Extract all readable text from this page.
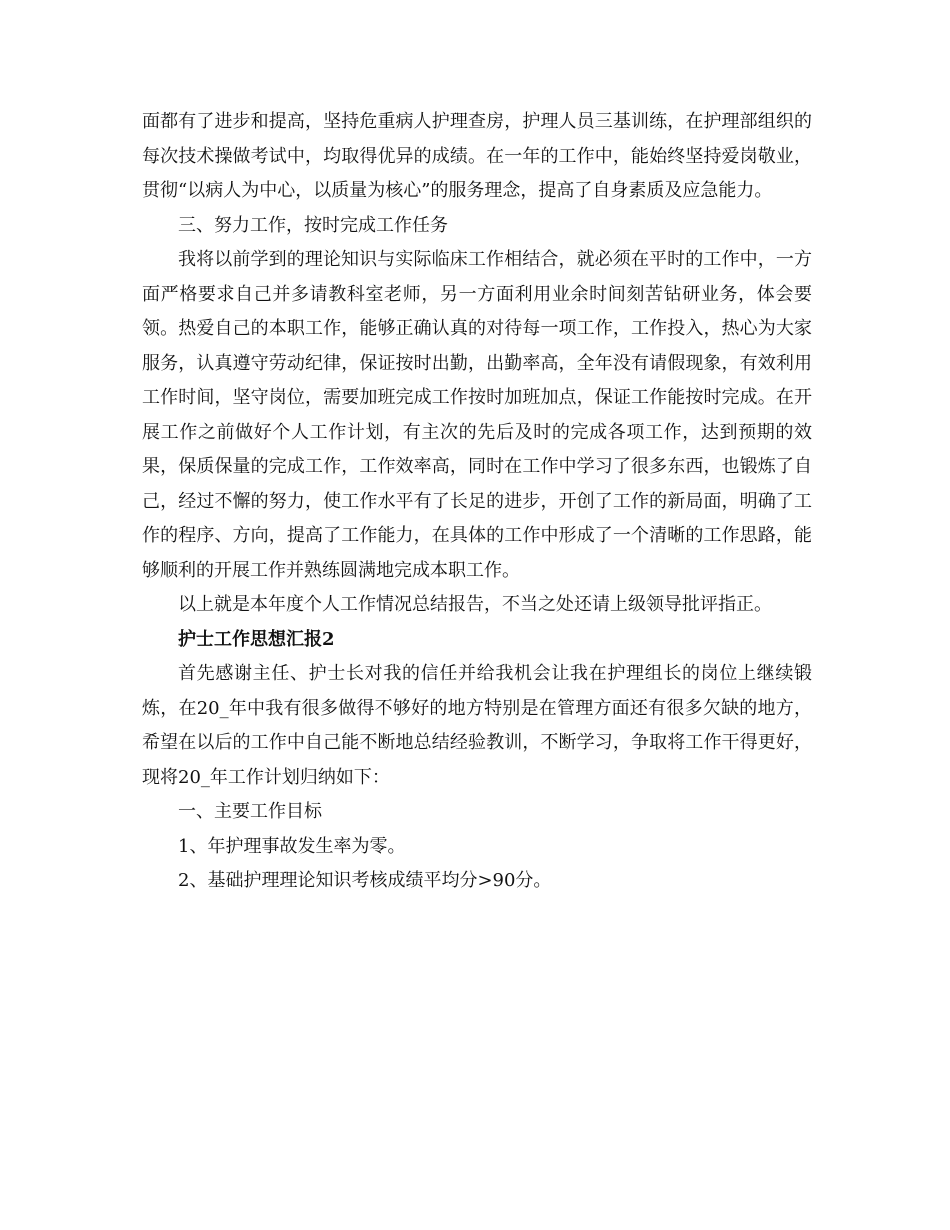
面都有了进步和提高，坚持危重病人护理查房，护理人员三基训练，在护理部组织的每次技术操做考试中，均取得优异的成绩。在一年的工作中，能始终坚持爱岗敬业，贯彻“以病人为中心，以质量为核心”的服务理念，提高了自身素质及应急能力。

三、努力工作，按时完成工作任务

我将以前学到的理论知识与实际临床工作相结合，就必须在平时的工作中，一方面严格要求自己并多请教科室老师，另一方面利用业余时间刻苦钻研业务，体会要领。热爱自己的本职工作，能够正确认真的对待每一项工作，工作投入，热心为大家服务，认真遵守劳动纪律，保证按时出勤，出勤率高，全年没有请假现象，有效利用工作时间，坚守岗位，需要加班完成工作按时加班加点，保证工作能按时完成。在开展工作之前做好个人工作计划，有主次的先后及时的完成各项工作，达到预期的效果，保质保量的完成工作，工作效率高，同时在工作中学习了很多东西，也锻炼了自己，经过不懈的努力，使工作水平有了长足的进步，开创了工作的新局面，明确了工作的程序、方向，提高了工作能力，在具体的工作中形成了一个清晰的工作思路，能够顺利的开展工作并熟练圆满地完成本职工作。

以上就是本年度个人工作情况总结报告，不当之处还请上级领导批评指正。

护士工作思想汇报2

首先感谢主任、护士长对我的信任并给我机会让我在护理组长的岗位上继续锻炼，在20_年中我有很多做得不够好的地方特别是在管理方面还有很多欠缺的地方，希望在以后的工作中自己能不断地总结经验教训，不断学习，争取将工作干得更好，现将20_年工作计划归纳如下：

一、主要工作目标

1、年护理事故发生率为零。

2、基础护理理论知识考核成绩平均分>90分。
